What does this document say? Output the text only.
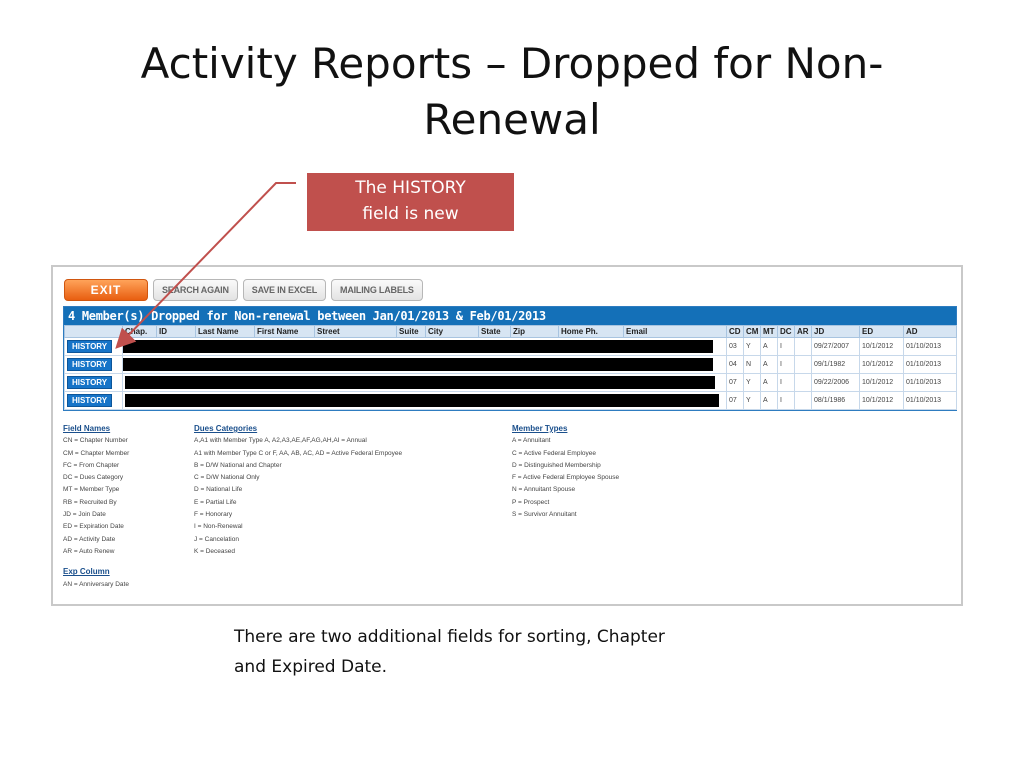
Activity Reports – Dropped for Non-
Renewal
The HISTORY
field is new
EXIT	SEARCH AGAIN	SAVE IN EXCEL	MAILING LABELS
4 Member(s) Dropped for Non-renewal between Jan/01/2013 & Feb/01/2013
	Chap.	ID	Last Name	First Name	Street	Suite	City	State	Zip	Home Ph.	Email	CD	CM	MT	DC	AR	JD	ED	AD
HISTORY												03	Y	A	I		09/27/2007	10/1/2012	01/10/2013
HISTORY												04	N	A	I		09/1/1982	10/1/2012	01/10/2013
HISTORY												07	Y	A	I		09/22/2006	10/1/2012	01/10/2013
HISTORY												07	Y	A	I		08/1/1986	10/1/2012	01/10/2013
Field Names
CN = Chapter Number
CM = Chapter Member
FC = From Chapter
DC = Dues Category
MT = Member Type
RB = Recruited By
JD = Join Date
ED = Expiration Date
AD = Activity Date
AR = Auto Renew
Exp Column
AN = Anniversary Date
Dues Categories
A,A1 with Member Type A, A2,A3,AE,AF,AG,AH,AI = Annual
A1 with Member Type C or F, AA, AB, AC, AD = Active Federal Empoyee
B = D/W National and Chapter
C = D/W National Only
D = National Life
E = Partial Life
F = Honorary
I = Non-Renewal
J = Cancelation
K = Deceased
Member Types
A = Annuitant
C = Active Federal Employee
D = Distinguished Membership
F = Active Federal Employee Spouse
N = Annuitant Spouse
P = Prospect
S = Survivor Annuitant
There are two additional fields for sorting, Chapter
and Expired Date.
